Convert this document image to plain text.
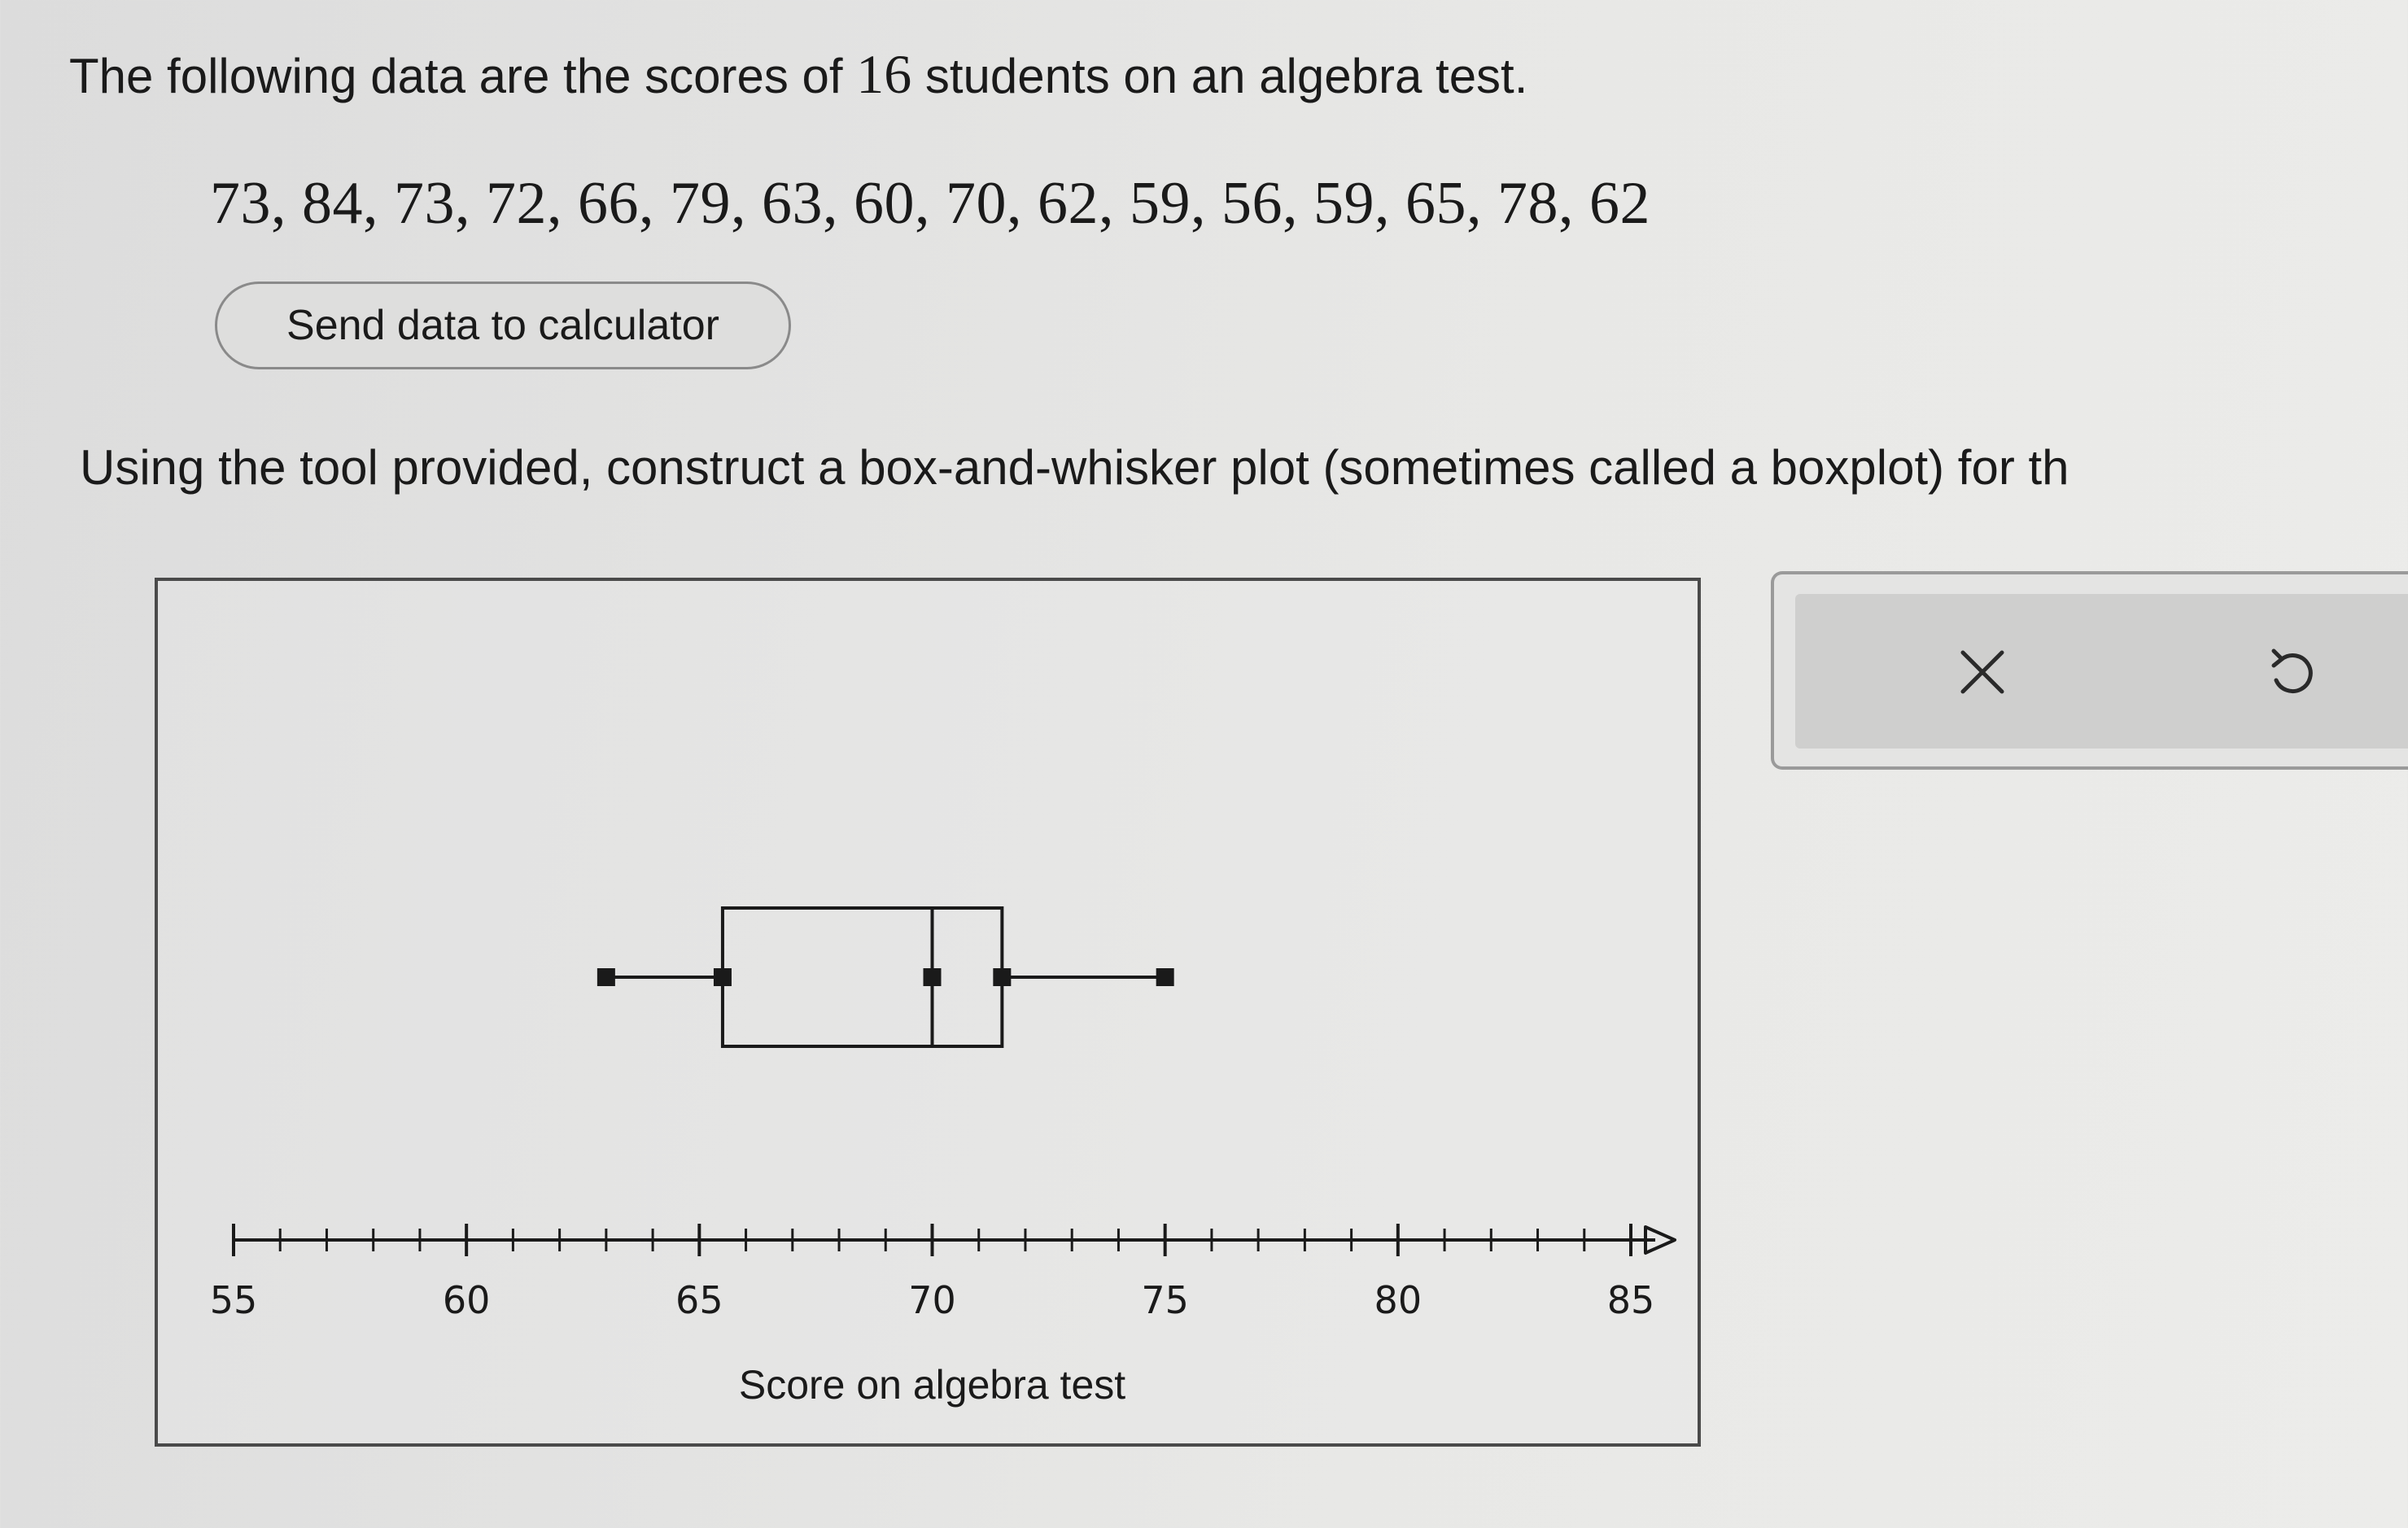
The following data are the scores of 16 students on an algebra test.
73, 84, 73, 72, 66, 79, 63, 60, 70, 62, 59, 56, 59, 65, 78, 62
Send data to calculator
Using the tool provided, construct a box-and-whisker plot (sometimes called a boxplot) for th
55	60	65	70	75	80	85
Score on algebra test
